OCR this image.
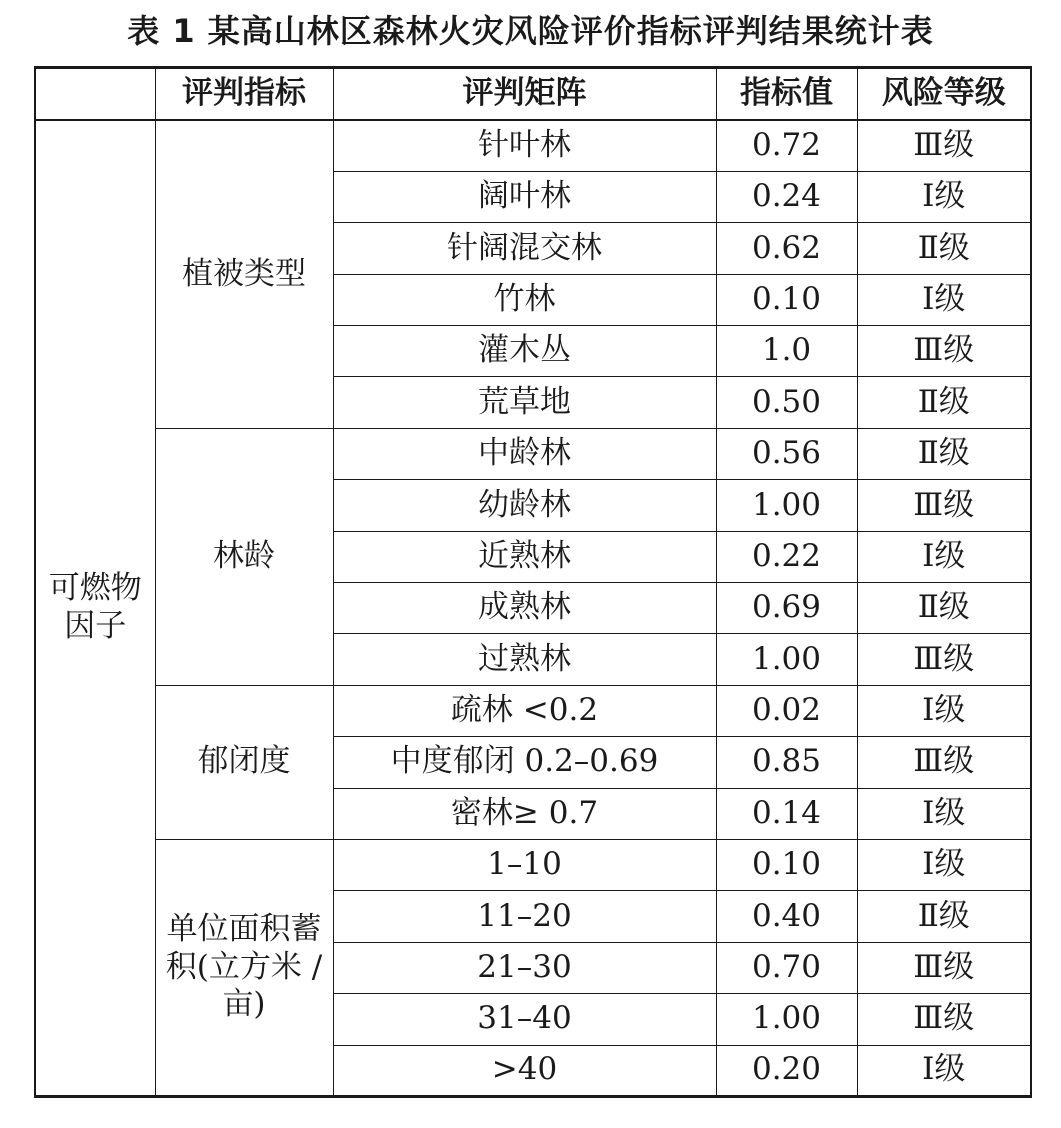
表 1 某高山林区森林火灾风险评价指标评判结果统计表
	评判指标	评判矩阵	指标值	风险等级
可燃物因子	植被类型	针叶林	0.72	Ⅲ级
		阔叶林	0.24	Ⅰ级
		针阔混交林	0.62	Ⅱ级
		竹林	0.10	Ⅰ级
		灌木丛	1.0	Ⅲ级
		荒草地	0.50	Ⅱ级
	林龄	中龄林	0.56	Ⅱ级
		幼龄林	1.00	Ⅲ级
		近熟林	0.22	Ⅰ级
		成熟林	0.69	Ⅱ级
		过熟林	1.00	Ⅲ级
	郁闭度	疏林 <0.2	0.02	Ⅰ级
		中度郁闭 0.2–0.69	0.85	Ⅲ级
		密林≥ 0.7	0.14	Ⅰ级
	单位面积蓄积(立方米 / 亩)	1–10	0.10	Ⅰ级
		11–20	0.40	Ⅱ级
		21–30	0.70	Ⅲ级
		31–40	1.00	Ⅲ级
		>40	0.20	Ⅰ级
